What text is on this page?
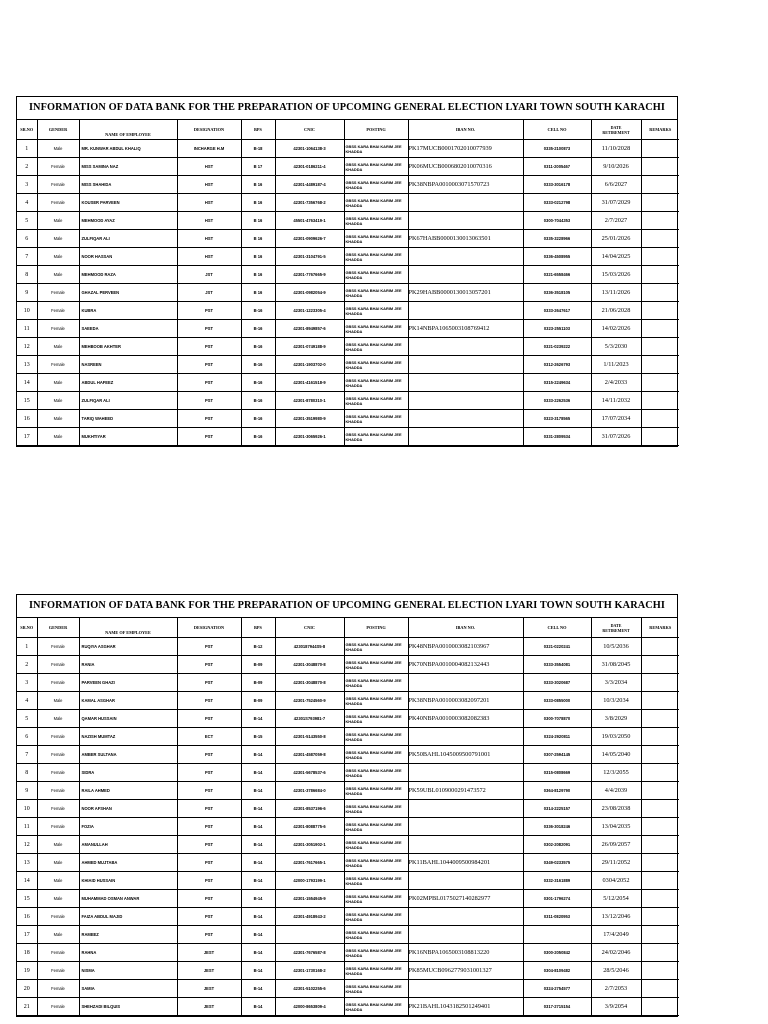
INFORMATION OF DATA BANK FOR THE PREPARATION OF UPCOMING GENERAL ELECTION LYARI TOWN SOUTH KARACHI
SR.NO	GENDER	NAME OF EMPLOYEE	DESIGNATION	BPS	CNIC	POSTING	IBAN NO.	CELL NO	DATE
RETIREMENT	REMARKS
1	Male	MR. KUNWAR ABDUL KHALIQ	INCHARGE H.M	B-18	42301-1064138-3	GBSS KARA BHAI KARIM JEE KHADDA	PK17MUCB0001702010077939	0335-2100873	11/10/2028	
2	Female	MISS SAMINA NAZ	HST	B 17	42301-0186211-4	GBSS KARA BHAI KARIM JEE KHADDA	PK06MUCB0006802010070316	0311-2005467	9/10/2026	
3	Female	MISS SHAHIDA	HST	B 16	42301-4489187-4	GBSS KARA BHAI KARIM JEE KHADDA	PK38NBPA0010003071570723	0333-3016178	6/6/2027	
4	Female	KOUSER PARVEEN	HST	B 16	42301-7356768-2	GBSS KARA BHAI KARIM JEE KHADDA		0333-0212798	31/07/2029	
5	Male	MEHMOOD AYAZ	HST	B 16	45501-4763419-1	GBSS KARA BHAI KARIM JEE KHADDA		0300-7044353	2/7/2027	
6	Male	ZULFIQAR ALI	HST	B 16	42301-0909626-7	GBSS KARA BHAI KARIM JEE KHADDA	PK67HABB0000130013063501	0335-3228966	25/01/2026	
7	Male	NOOR HASSAN	HST	B 16	42301-3104791-5	GBSS KARA BHAI KARIM JEE KHADDA		0336-4508955	14/04/2025	
8	Male	MEHMOOD RAZA	JST	B 16	42301-7767665-9	GBSS KARA BHAI KARIM JEE KHADDA		0321-6558466	15/03/2026	
9	Female	GHAZAL PERVEEN	JST	B 16	42301-0982054-9	GBSS KARA BHAI KARIM JEE KHADDA	PK29HABB0000130013057201	0336-3518105	13/11/2026	
10	Female	KUBRA	PST	B-16	42301-1223305-4	GBSS KARA BHAI KARIM JEE KHADDA		0333-2647617	21/06/2028	
11	Female	SAEEDA	PST	B-16	42301-8949857-6	GBSS KARA BHAI KARIM JEE KHADDA	PK14NBPA1065003108769412	0323-2551103	14/02/2026	
12	Male	MEHBOOB AKHTER	PST	B-16	42301-0749188-9	GBSS KARA BHAI KARIM JEE KHADDA		0321-0239222	5/3/2030	
13	Female	NASREEN	PST	B-16	42301-1903702-0	GBSS KARA BHAI KARIM JEE KHADDA		0312-2626793	1/11/2023	
14	Male	ABDUL HAFEEZ	PST	B-16	42301-4161518-9	GBSS KARA BHAI KARIM JEE KHADDA		0315-2249634	2/4/2033	
15	Male	ZULFIQAR ALI	PST	B-16	42301-8780310-1	GBSS KARA BHAI KARIM JEE KHADDA		0333-2262536	14/11/2032	
16	Male	TARIQ WAHEED	PST	B-16	42301-3519980-9	GBSS KARA BHAI KARIM JEE KHADDA		0323-3178565	17/07/2034	
17	Male	MUKHTIYAR	PST	B-16	42301-3065926-1	GBSS KARA BHAI KARIM JEE KHADDA		0331-2809534	31/07/2026	
INFORMATION OF DATA BANK FOR THE PREPARATION OF UPCOMING GENERAL ELECTION LYARI TOWN SOUTH KARACHI
SR.NO	GENDER	NAME OF EMPLOYEE	DESIGNATION	BPS	CNIC	POSTING	IBAN NO.	CELL NO	DATE
RETIREMENT	REMARKS
1	Female	RUQIYA ASGHAR	PST	B-12	4230187944S5-8	GBSS KARA BHAI KARIM JEE KHADDA	PK48NBPA0010003082103967	0321-0220241	10/5/2036	
2	Female	RANIA	PST	B-09	42301-3048870-8	GBSS KARA BHAI KARIM JEE KHADDA	PK70NBPA0010004082132443	0333-3554081	31/08/2045	
3	Female	PARVEEN GHAZI	PST	B-09	42301-3048870-8	GBSS KARA BHAI KARIM JEE KHADDA		0333-3020687	3/3/2034	
4	Male	KAMAL ASGHAR	PST	B-09	42301-7524560-9	GBSS KARA BHAI KARIM JEE KHADDA	PK38NBPA0010003082097201	0333-0855000	10/3/2034	
5	Male	QAMAR HUSSAIN	PST	B-14	42301S793981-7	GBSS KARA BHAI KARIM JEE KHADDA	PK40NBPA0010003082082383	0300-7078870	3/8/2029	
6	Female	NAZISH MUMTAZ	ECT	B-15	42301-5143550-8	GBSS KARA BHAI KARIM JEE KHADDA		0324-2920811	19/03/2050	
7	Female	AMBER SULTANA	PST	B-14	42301-4587059-8	GBSS KARA BHAI KARIM JEE KHADDA	PK50BAHL1045009500791001	0307-2594145	14/05/2040	
8	Female	SIDRA	PST	B-14	42301-5678537-6	GBSS KARA BHAI KARIM JEE KHADDA		0315-0808669	12/3/2055	
9	Female	RAILA AHMED	PST	B-14	42301-3786684-0	GBSS KARA BHAI KARIM JEE KHADDA	PK59UBL0109000291473572	0364-8129790	4/4/2039	
10	Female	NOOR AFSHAN	PST	B-14	42301-8537196-6	GBSS KARA BHAI KARIM JEE KHADDA		0314-2225157	23/08/2038	
11	Female	FOZIA	PST	B-14	42301-8088775-6	GBSS KARA BHAI KARIM JEE KHADDA		0336-3018246	13/04/2035	
12	Male	AMANULLAH	PST	B-14	42301-3051902-1	GBSS KARA BHAI KARIM JEE KHADDA		0302-2082091	26/09/2057	
13	Male	AHMED MUJTABA	PST	B-14	42301-7617665-1	GBSS KARA BHAI KARIM JEE KHADDA	PK11BAHL1044009500984201	0349-0233575	29/11/2052	
14	Male	KHIAID HUSSAIN	PST	B-14	42000-1793199-1	GBSS KARA BHAI KARIM JEE KHADDA		0332-3161889	0304/2052	
15	Male	MUHAMMAD OSMAN ANWAR	PST	B-14	42301-1554945-9	GBSS KARA BHAI KARIM JEE KHADDA	PK02MPBL0175027140282977	0301-1796274	5/12/2054	
16	Female	FAIZA ABDUL MAJID	PST	B-14	42301-4918943-2	GBSS KARA BHAI KARIM JEE KHADDA		0311-0820953	13/12/2046	
17	Male	RAMEEZ	PST	B-14		GBSS KARA BHAI KARIM JEE KHADDA			17/4/2049	
18	Female	RAHNA	JEST	B-14	42301-7676587-8	GBSS KARA BHAI KARIM JEE KHADDA	PK16NBPA1065003108813220	0300-2050842	24/02/2046	
19	Female	NISMA	JEST	B-14	42301-1730168-2	GBSS KARA BHAI KARIM JEE KHADDA	PK85MUCB0962779031001327	0304-8109482	28/5/2046	
20	Female	SAMIA	JEST	B-14	42301-5102255-6	GBSS KARA BHAI KARIM JEE KHADDA		0324-2754577	2/7/2053	
21	Female	SHEHZADI BILQUIS	JEST	B-14	42000-8653809-4	GBSS KARA BHAI KARIM JEE KHADDA	PK21BAHL1043182501249401	0317-2715154	3/9/2054	
